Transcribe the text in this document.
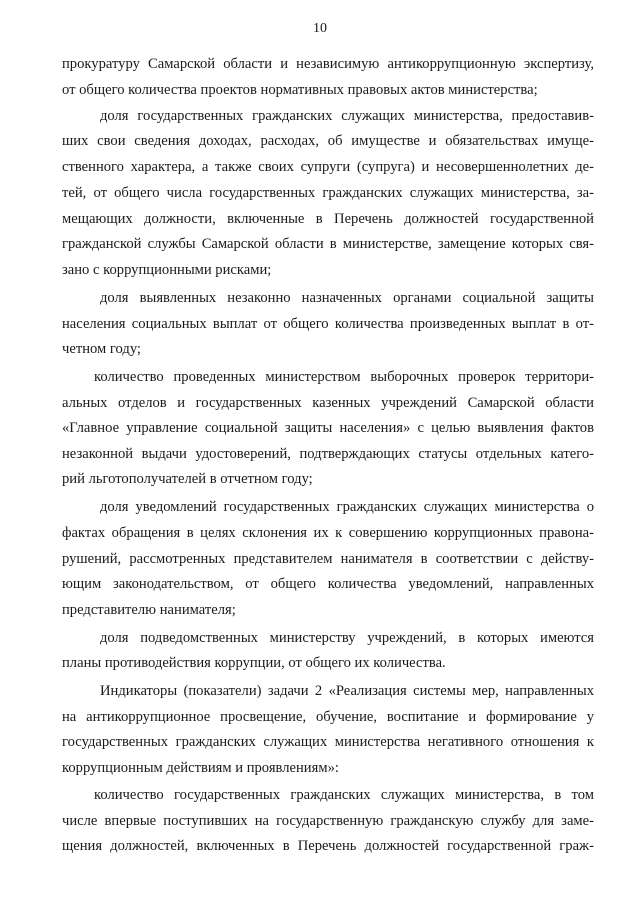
10
прокуратуру Самарской области и независимую антикоррупционную экспертизу,
от общего количества проектов нормативных правовых актов министерства;
доля государственных гражданских служащих министерства, предоставив-
ших свои сведения доходах, расходах, об имуществе и обязательствах имуще-
ственного характера, а также своих супруги (супруга) и несовершеннолетних де-
тей, от общего числа государственных гражданских служащих министерства, за-
мещающих должности, включенные в Перечень должностей государственной
гражданской службы Самарской области в министерстве, замещение которых свя-
зано с коррупционными рисками;
доля выявленных незаконно назначенных органами социальной защиты
населения социальных выплат от общего количества произведенных выплат в от-
четном году;
количество проведенных министерством выборочных проверок территори-
альных отделов и государственных казенных учреждений Самарской области
«Главное управление социальной защиты населения» с целью выявления фактов
незаконной выдачи удостоверений, подтверждающих статусы отдельных катего-
рий льготополучателей в отчетном году;
доля уведомлений государственных гражданских служащих министерства о
фактах обращения в целях склонения их к совершению коррупционных правона-
рушений, рассмотренных представителем нанимателя в соответствии с действу-
ющим законодательством, от общего количества уведомлений, направленных
представителю нанимателя;
доля подведомственных министерству учреждений, в которых имеются
планы противодействия коррупции, от общего их количества.
Индикаторы (показатели) задачи 2 «Реализация системы мер, направленных
на антикоррупционное просвещение, обучение, воспитание и формирование у
государственных гражданских служащих министерства негативного отношения к
коррупционным действиям и проявлениям»:
количество государственных гражданских служащих министерства, в том
числе впервые поступивших на государственную гражданскую службу для заме-
щения должностей, включенных в Перечень должностей государственной граж-
